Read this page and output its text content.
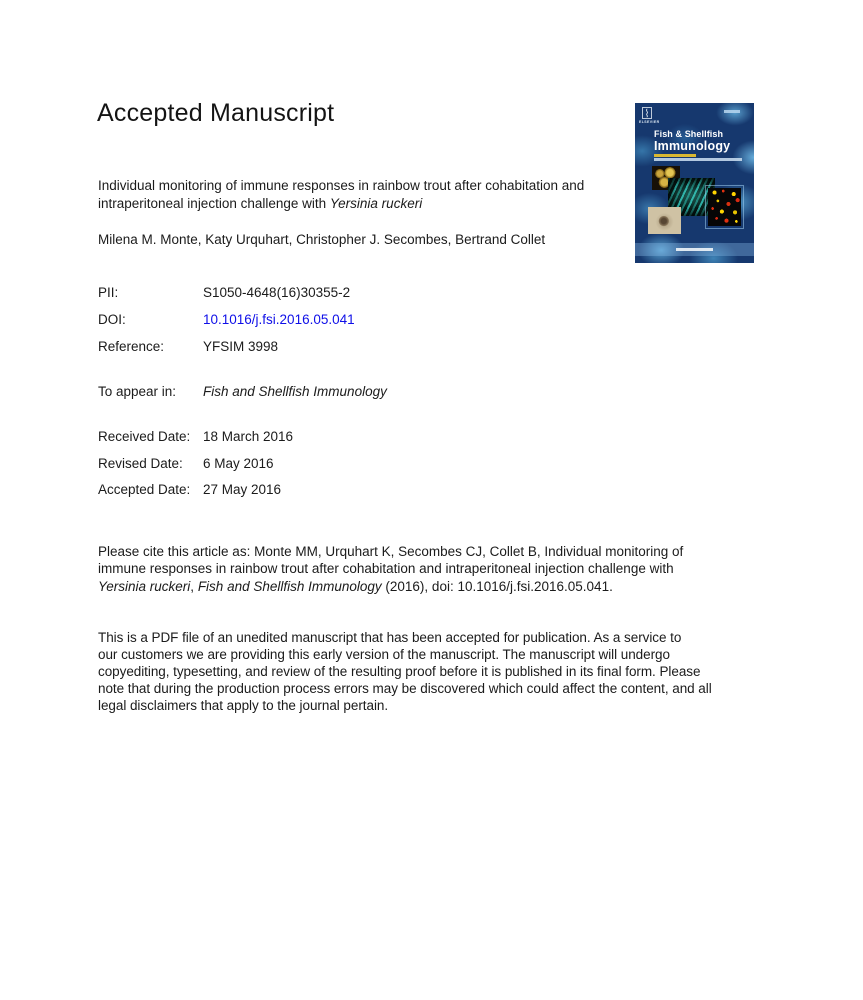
Accepted Manuscript	ELSEVIER
Fish & Shellfish
Immunology
Individual monitoring of immune responses in rainbow trout after cohabitation and
intraperitoneal injection challenge with Yersinia ruckeri
Milena M. Monte, Katy Urquhart, Christopher J. Secombes, Bertrand Collet
PII:	S1050-4648(16)30355-2
DOI:	10.1016/j.fsi.2016.05.041
Reference:	YFSIM 3998
To appear in: Fish and Shellfish Immunology
Received Date: 18 March 2016
Revised Date: 6 May 2016
Accepted Date: 27 May 2016
Please cite this article as: Monte MM, Urquhart K, Secombes CJ, Collet B, Individual monitoring of
immune responses in rainbow trout after cohabitation and intraperitoneal injection challenge with
Yersinia ruckeri, Fish and Shellfish Immunology (2016), doi: 10.1016/j.fsi.2016.05.041.
This is a PDF file of an unedited manuscript that has been accepted for publication. As a service to
our customers we are providing this early version of the manuscript. The manuscript will undergo
copyediting, typesetting, and review of the resulting proof before it is published in its final form. Please
note that during the production process errors may be discovered which could affect the content, and all
legal disclaimers that apply to the journal pertain.
